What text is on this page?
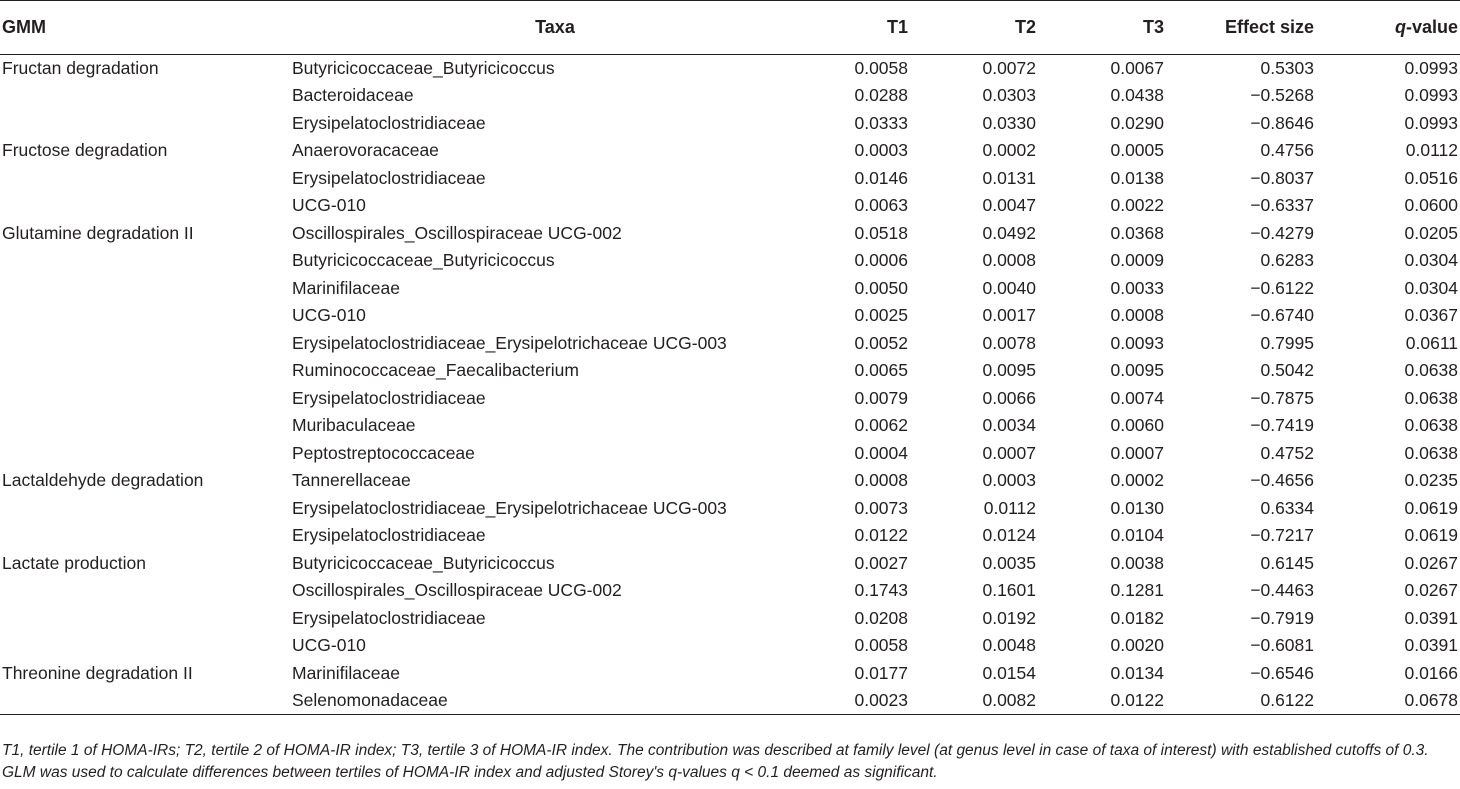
GMM	Taxa	T1	T2	T3	Effect size	q-value
Fructan degradation	Butyricicoccaceae_Butyricicoccus	0.0058	0.0072	0.0067	0.5303	0.0993
	Bacteroidaceae	0.0288	0.0303	0.0438	−0.5268	0.0993
	Erysipelatoclostridiaceae	0.0333	0.0330	0.0290	−0.8646	0.0993
Fructose degradation	Anaerovoracaceae	0.0003	0.0002	0.0005	0.4756	0.0112
	Erysipelatoclostridiaceae	0.0146	0.0131	0.0138	−0.8037	0.0516
	UCG-010	0.0063	0.0047	0.0022	−0.6337	0.0600
Glutamine degradation II	Oscillospirales_Oscillospiraceae UCG-002	0.0518	0.0492	0.0368	−0.4279	0.0205
	Butyricicoccaceae_Butyricicoccus	0.0006	0.0008	0.0009	0.6283	0.0304
	Marinifilaceae	0.0050	0.0040	0.0033	−0.6122	0.0304
	UCG-010	0.0025	0.0017	0.0008	−0.6740	0.0367
	Erysipelatoclostridiaceae_Erysipelotrichaceae UCG-003	0.0052	0.0078	0.0093	0.7995	0.0611
	Ruminococcaceae_Faecalibacterium	0.0065	0.0095	0.0095	0.5042	0.0638
	Erysipelatoclostridiaceae	0.0079	0.0066	0.0074	−0.7875	0.0638
	Muribaculaceae	0.0062	0.0034	0.0060	−0.7419	0.0638
	Peptostreptococcaceae	0.0004	0.0007	0.0007	0.4752	0.0638
Lactaldehyde degradation	Tannerellaceae	0.0008	0.0003	0.0002	−0.4656	0.0235
	Erysipelatoclostridiaceae_Erysipelotrichaceae UCG-003	0.0073	0.0112	0.0130	0.6334	0.0619
	Erysipelatoclostridiaceae	0.0122	0.0124	0.0104	−0.7217	0.0619
Lactate production	Butyricicoccaceae_Butyricicoccus	0.0027	0.0035	0.0038	0.6145	0.0267
	Oscillospirales_Oscillospiraceae UCG-002	0.1743	0.1601	0.1281	−0.4463	0.0267
	Erysipelatoclostridiaceae	0.0208	0.0192	0.0182	−0.7919	0.0391
	UCG-010	0.0058	0.0048	0.0020	−0.6081	0.0391
Threonine degradation II	Marinifilaceae	0.0177	0.0154	0.0134	−0.6546	0.0166
	Selenomonadaceae	0.0023	0.0082	0.0122	0.6122	0.0678
T1, tertile 1 of HOMA-IRs; T2, tertile 2 of HOMA-IR index; T3, tertile 3 of HOMA-IR index. The contribution was described at family level (at genus level in case of taxa of interest) with established cutoffs of 0.3. GLM was used to calculate differences between tertiles of HOMA-IR index and adjusted Storey's q-values q < 0.1 deemed as significant.
